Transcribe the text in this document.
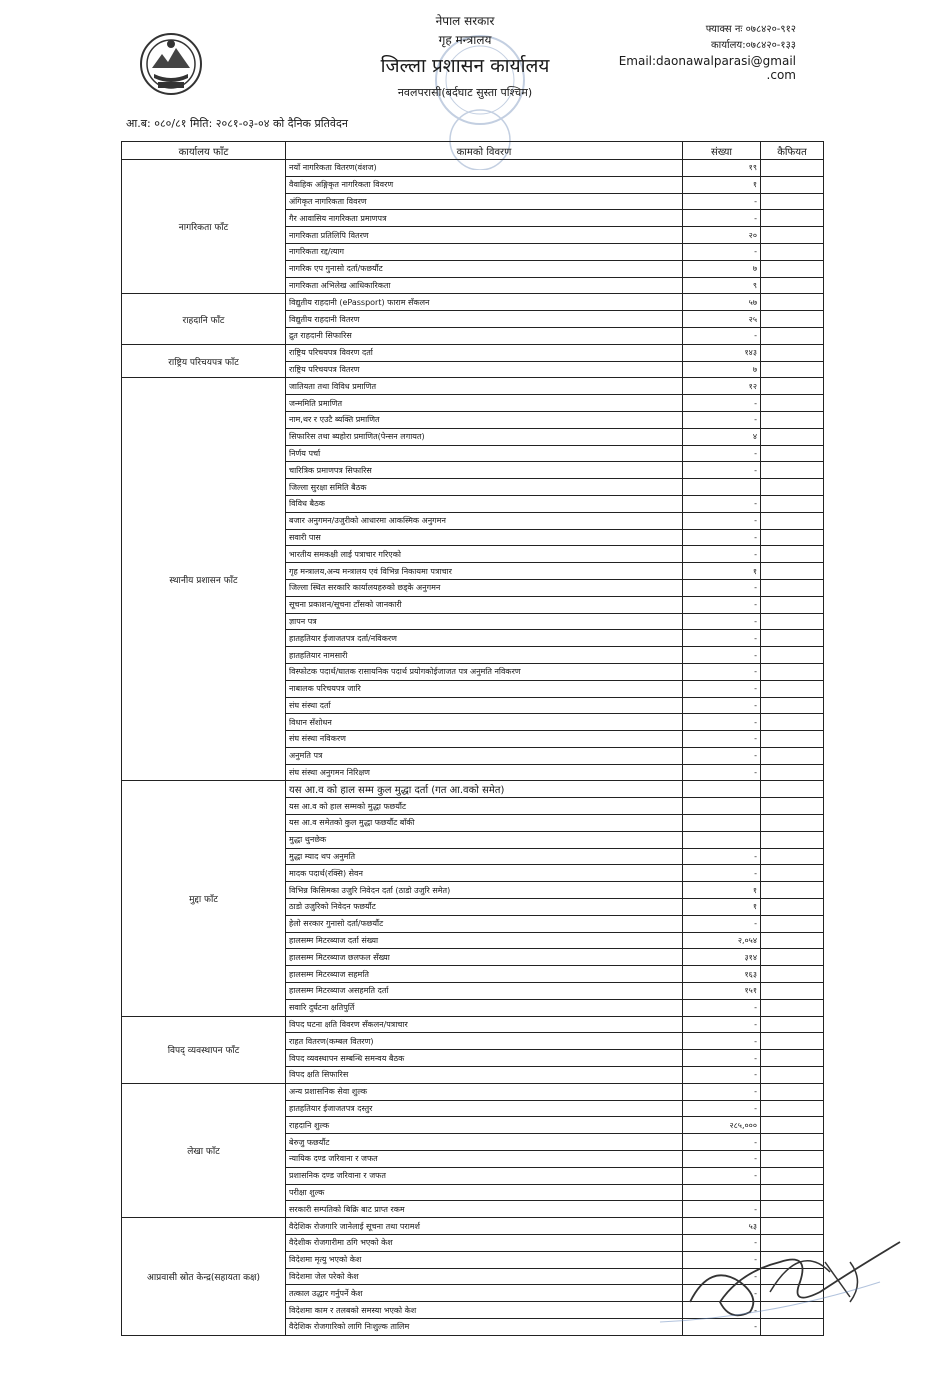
नेपाल सरकार
गृह मन्त्रालय
जिल्ला प्रशासन कार्यालय
नवलपरासी(बर्दघाट सुस्ता पश्चिम)
फ्याक्स नः ०७८४२०-९१२
कार्यालय:०७८४२०-१३३
Email:daonawalparasi@gmail
.com
आ.ब: ०८०/८१ मिति: २०८१-०३-०४ को दैनिक प्रतिवेदन
कार्यालय फाँट	कामको विवरण	संख्या	कैफियत
नागरिकता फाँट	नयाँ नागरिकता वितरण(वंशज)	१९	
	वैवाहिक अङ्गिकृत नागरिकता विवरण	१	
	अंगिकृत नागरिकता विवरण	-	
	गैर आवासिय नागरिकता प्रमाणपत्र	-	
	नागरिकता प्रतिलिपि वितरण	२०	
	नागरिकता रद्द/त्याग	-	
	नागरिक एप गुनासो दर्ता/फछर्यौट	७	
	नागरिकता अभिलेख आधिकारिकता	९	
राहदानि फाँट	विद्युतीय राहदानी (ePassport) फाराम सँकलन	५७	
	विद्युतीय राहदानी वितरण	२५	
	द्रुत राहदानी सिफारिस	-	
राष्ट्रिय परिचयपत्र फाँट	राष्ट्रिय परिचयपत्र विवरण दर्ता	१४३	
	राष्ट्रिय परिचयपत्र वितरण	७	
स्थानीय प्रशासन फाँट	जातियता तथा विविध प्रमाणित	१२	
	जन्ममिति प्रमाणित	-	
	नाम,थर र एउटै ब्यक्ति प्रमाणित	-	
	सिफारिस तथा ब्यहोरा प्रमाणित(पेन्सन लगायत)	४	
	निर्णय पर्चा	-	
	चारित्रिक प्रमाणपत्र सिफारिस	-	
	जिल्ला सुरक्षा समिति बैठक		
	विविध बैठक	-	
	बजार अनुगमन/उजुरीको आधारमा आकस्मिक अनुगमन	-	
	सवारी पास	-	
	भारतीय समकक्षी लाई पत्राचार गरिएको	-	
	गृह मन्त्रालय,अन्य मन्त्रालय एवं विभिन्न निकायमा पत्राचार	१	
	जिल्ला स्थित सरकारि कार्यालयहरुको छड्के अनुगमन	-	
	सूचना प्रकाशन/सूचना टाँसको जानकारी	-	
	ज्ञापन पत्र	-	
	हातहतियार ईजाजतपत्र दर्ता/नविकरण	-	
	हातहतियार नामसारी	-	
	विस्फोटक पदार्थ/घातक रासायनिक पदार्थ प्रयोगकोईजाजत पत्र अनुमति नविकरण	-	
	नाबालक परिचयपत्र जारि	-	
	संघ संस्था दर्ता	-	
	विधान सँशोधन	-	
	संघ संस्था नविकरण	-	
	अनुमति पत्र	-	
	संघ संस्था अनुगमन निरिक्षण	-	
मुद्दा फाँट	यस आ.व को हाल सम्म कुल मुद्धा दर्ता (गत आ.वको समेत)		
	यस आ.व को हाल सम्मको मुद्धा फछर्यौट		
	यस आ.व समेतको कुल मुद्धा फछर्यौट बाँकी		
	मुद्धा थुनछेक		
	मुद्धा म्याद थप अनुमति	-	
	मादक पदार्थ(रक्सि) सेवन	-	
	विभिन्न किसिमका उजुरि निवेदन दर्ता (ठाडो उजुरि समेत)	१	
	ठाडो उजुरिको निवेदन फछर्यौट	१	
	हेलो सरकार गुनासो दर्ता/फछर्यौट	-	
	हालसम्म मिटरब्याज दर्ता संख्या	२,०५४	
	हालसम्म मिटरब्याज छलफल सँख्या	३१४	
	हालसम्म मिटरब्याज सहमति	१६३	
	हालसम्म मिटरब्याज असहमति दर्ता	१५१	
	सवारि दुर्घटना क्षतिपुर्ति	-	
विपद् व्यवस्थापन फाँट	विपद घटना क्षति विवरण सँकलन/पत्राचार	-	
	राहत वितरण(कम्बल वितरण)	-	
	विपद व्यवस्थापन सम्बन्धि समन्वय बैठक	-	
	विपद क्षति सिफारिस	-	
लेखा फाँट	अन्य प्रशासनिक सेवा शुल्क	-	
	हातहतियार ईजाजतपत्र दस्तुर	-	
	राहदानि शुल्क	२८५,०००	
	बेरुजु फछर्यौट	-	
	न्यायिक दण्ड जरिवाना र जफत	-	
	प्रशासनिक दण्ड जरिवाना र जफत	-	
	परीक्षा शुल्क		
	सरकारी सम्पतिको बिक्रि बाट प्राप्त रकम	-	
आप्रवासी स्रोत केन्द्र(सहायता कक्ष)	वैदेशिक रोजगारि जानेलाई सूचना तथा परामर्श	५३	
	वैदेशीक रोजगारीमा ठगि भएको केश	-	
	विदेशमा मृत्यु भएको केश	-	
	विदेशमा जेल परेको केश	-	
	तत्काल उद्धार गर्नुपर्ने केश	-	
	विदेशमा काम र तलबको समस्या भएको केश	-	
	वैदेशिक रोजगारिको लागि निःशुल्क तालिम	-	
